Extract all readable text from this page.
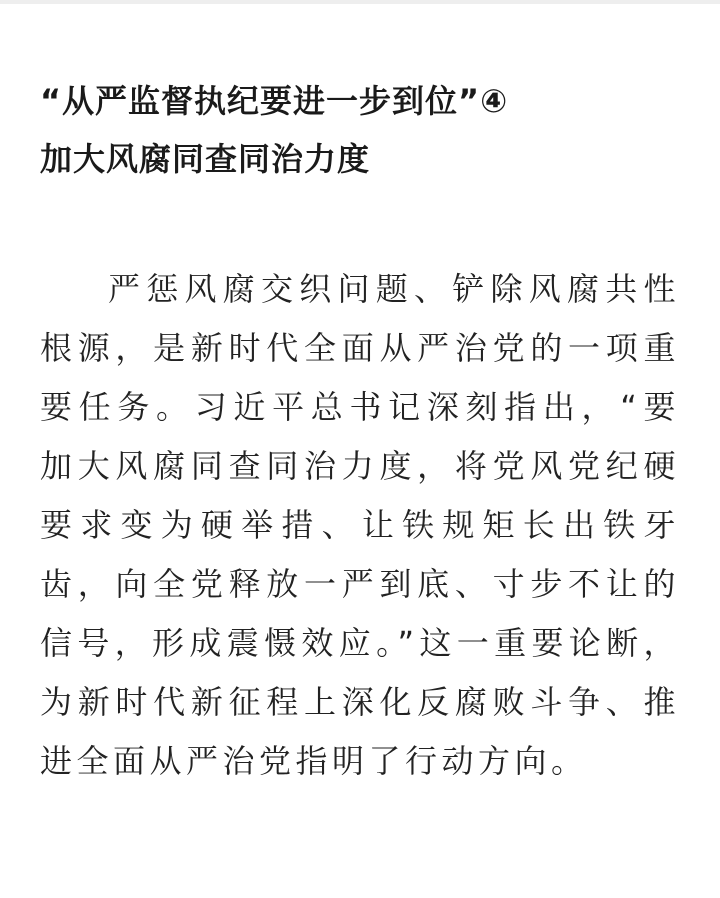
“从严监督执纪要进一步到位”④
加大风腐同查同治力度

严惩风腐交织问题、铲除风腐共性根源，是新时代全面从严治党的一项重要任务。习近平总书记深刻指出，“要加大风腐同查同治力度，将党风党纪硬要求变为硬举措、让铁规矩长出铁牙齿，向全党释放一严到底、寸步不让的信号，形成震慑效应。”这一重要论断，为新时代新征程上深化反腐败斗争、推进全面从严治党指明了行动方向。
